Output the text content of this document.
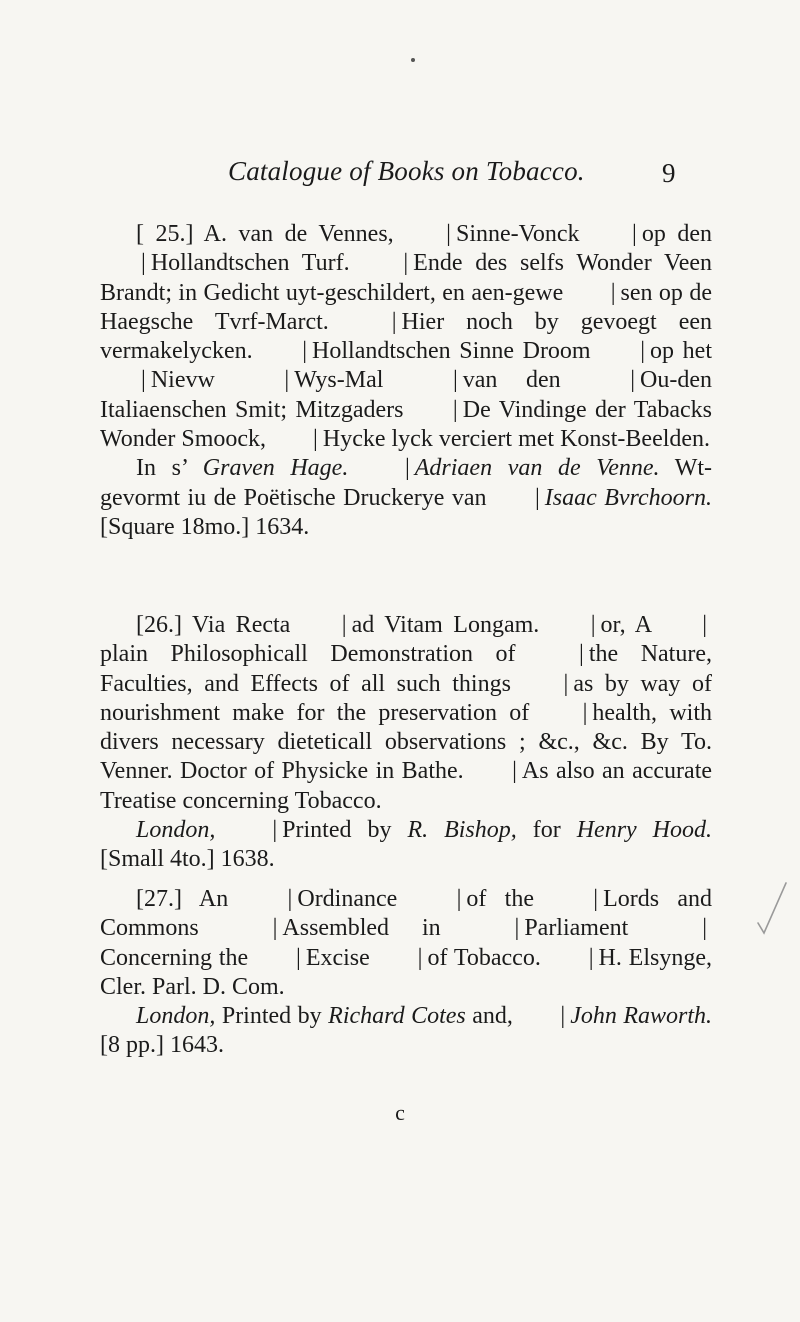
Catalogue of Books on Tobacco.	9

[ 25.] A. van de Vennes, | Sinne-Vonck | op den | Hollandtschen Turf. | Ende des selfs Wonder Veen Brandt; in Gedicht uyt-geschildert, en aen-gewe | sen op de Haegsche Tvrf-Marct. | Hier noch by gevoegt een vermakelycken. | Hollandtschen Sinne Droom | op het | Nievw | Wys-Mal | van den | Ou-den Italiaenschen Smit; Mitzgaders | De Vindinge der Tabacks Wonder Smoock, | Hycke lyck verciert met Konst-Beelden.

In s’ Graven Hage. | Adriaen van de Venne. Wt-gevormt iu de Poëtische Druckerye van | Isaac Bvrchoorn. [Square 18mo.] 1634.

[26.] Via Recta | ad Vitam Longam. | or, A |plain Philosophicall Demonstration of | the Nature, Faculties, and Effects of all such things | as by way of nourishment make for the preservation of | health, with divers necessary dieteticall observations ; &c., &c. By To. Venner. Doctor of Physicke in Bathe. | As also an accurate Treatise concerning Tobacco.

London, | Printed by R. Bishop, for Henry Hood. [Small 4to.] 1638.

[27.] An | Ordinance | of the | Lords and Commons | Assembled in | Parliament |Concerning the | Excise | of Tobacco. | H. Elsynge, Cler. Parl. D. Com.

London, Printed by Richard Cotes and, | John Raworth. [8 pp.] 1643.

c
